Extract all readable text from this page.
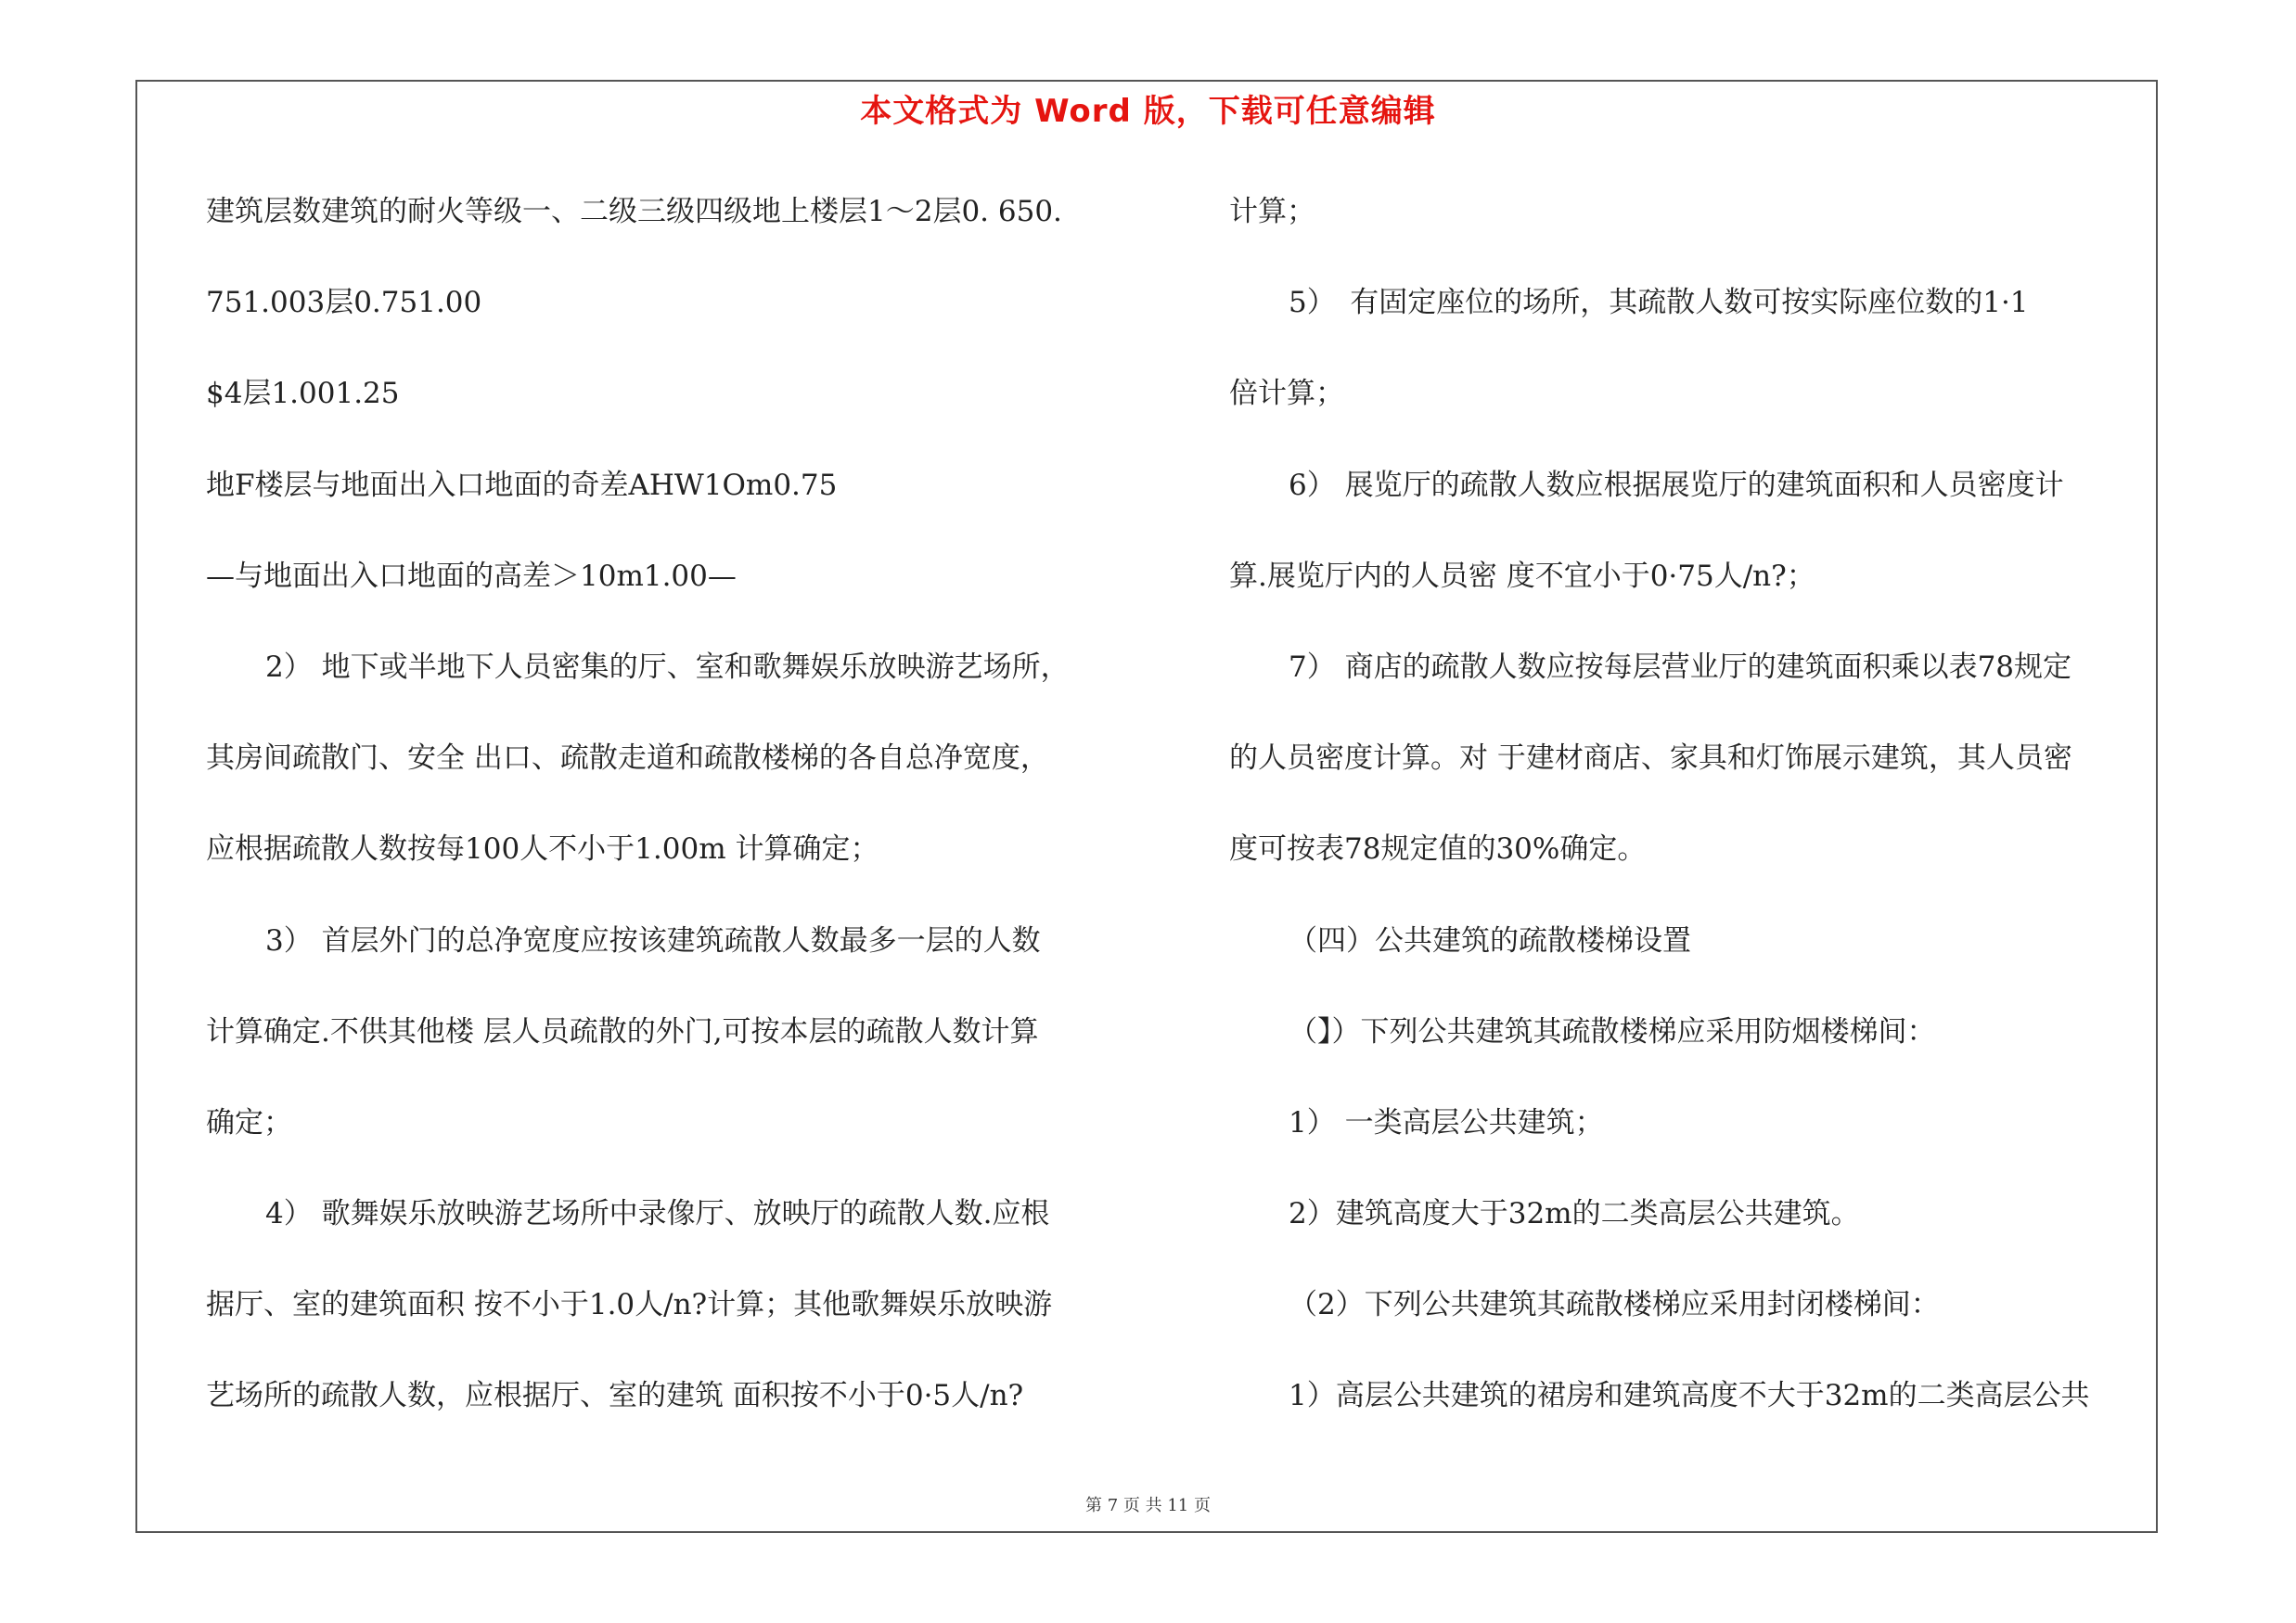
本文格式为 Word 版，下载可任意编辑
建筑层数建筑的耐火等级一、二级三级四级地上楼层1〜2层0. 650.
751.003层0.751.00
$4层1.001.25
地F楼层与地面出入口地面的奇差AHW1Om0.75
—与地面出入口地面的高差＞10m1.00—
2） 地下或半地下人员密集的厅、室和歌舞娱乐放映游艺场所，
其房间疏散门、安全 出口、疏散走道和疏散楼梯的各自总净宽度，
应根据疏散人数按每100人不小于1.00m 计算确定；
3） 首层外门的总净宽度应按该建筑疏散人数最多一层的人数
计算确定.不供其他楼 层人员疏散的外门,可按本层的疏散人数计算
确定；
4） 歌舞娱乐放映游艺场所中录像厅、放映厅的疏散人数.应根
据厅、室的建筑面积 按不小于1.0人/n?计算；其他歌舞娱乐放映游
艺场所的疏散人数，应根据厅、室的建筑 面积按不小于0·5人/n?
计算；
5）　有固定座位的场所，其疏散人数可按实际座位数的1·1
倍计算；
6） 展览厅的疏散人数应根据展览厅的建筑面积和人员密度计
算.展览厅内的人员密 度不宜小于0·75人/n?；
7） 商店的疏散人数应按每层营业厅的建筑面积乘以表78规定
的人员密度计算。对 于建材商店、家具和灯饰展示建筑，其人员密
度可按表78规定值的30%确定。
（四）公共建筑的疏散楼梯设置
（】）下列公共建筑其疏散楼梯应采用防烟楼梯间：
1） 一类高层公共建筑；
2）建筑高度大于32m的二类高层公共建筑。
（2）下列公共建筑其疏散楼梯应采用封闭楼梯间：
1）高层公共建筑的裙房和建筑高度不大于32m的二类高层公共
第 7 页 共 11 页
